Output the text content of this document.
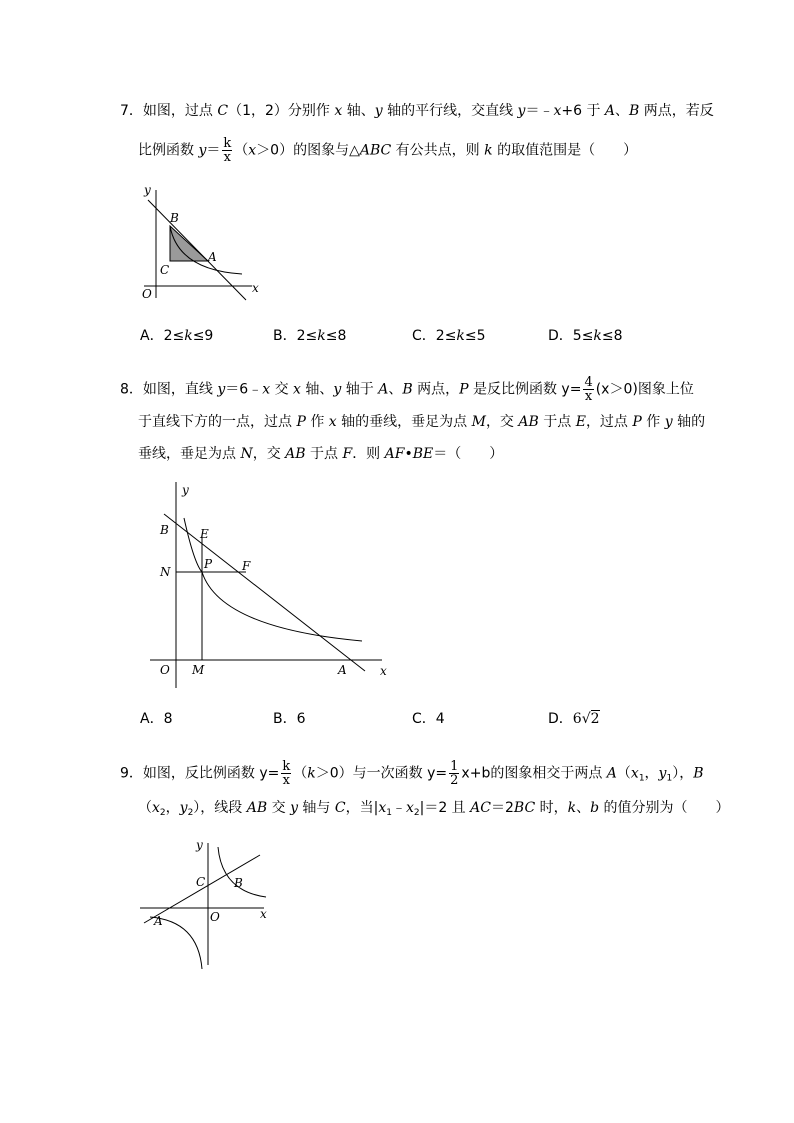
7．如图，过点 C（1，2）分别作 x 轴、y 轴的平行线，交直线 y＝﹣x+6 于 A、B 两点，若反
比例函数 $y= \frac{k}{x} (x>0)$的图象与△ABC 有公共点，则 k 的取值范围是（　　）
y
x
O
B
A
C
A．2≤k≤9	B．2≤k≤8	C．2≤k≤5	D．5≤k≤8
8．如图，直线 y＝6﹣x 交 x 轴、y 轴于 A、B 两点，P 是反比例函数 $y= \frac{4}{x} (x>0)$图象上位
于直线下方的一点，过点 P 作 x 轴的垂线，垂足为点 M，交 AB 于点 E，过点 P 作 y 轴的
垂线，垂足为点 N，交 AB 于点 F．则 AF•BE＝（　　）
y
x
O M	A
B	E
N
P F
A．8	B．6	C．4	D．6√2
9．如图，反比例函数 $y= \frac{k}{x} (k>0)$与一次函数 $y= \frac{1}{2} x+b$的图象相交于两点 $A(x_1$，$y_1$），B
（$x_2$，$y_2$），线段 AB 交 y 轴与 C，当$|x_1﹣x_2|=2$ 且 AC＝2BC 时，k、b 的值分别为（　　）
y
x
O
C B
A
